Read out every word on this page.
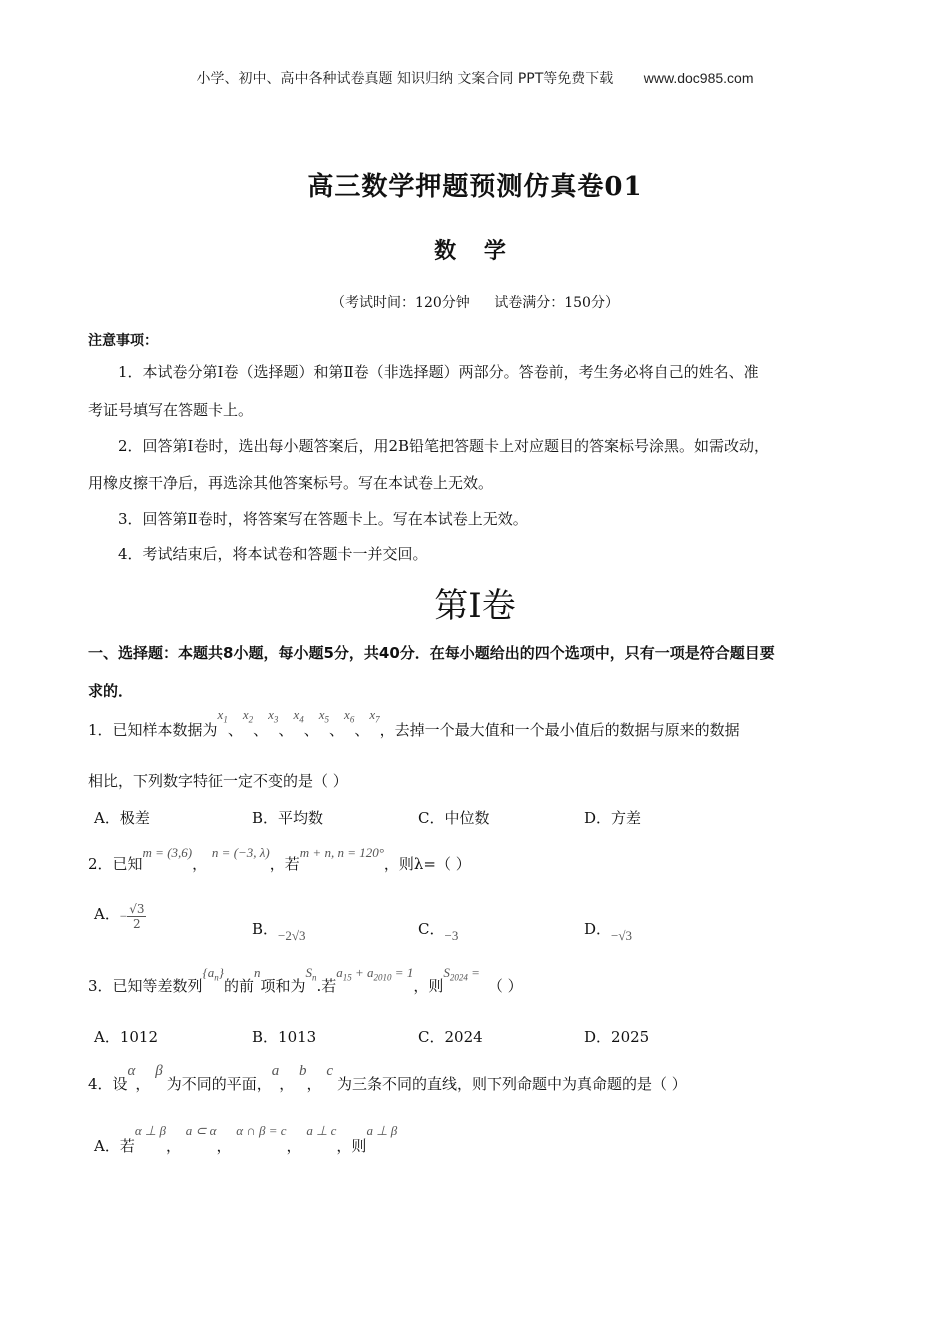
小学、初中、高中各种试卷真题 知识归纳 文案合同 PPT等免费下载 www.doc985.com
高三数学押题预测仿真卷01
数 学
（考试时间：120分钟 试卷满分：150分）
注意事项：
1．本试卷分第Ⅰ卷（选择题）和第Ⅱ卷（非选择题）两部分。答卷前，考生务必将自己的姓名、准
考证号填写在答题卡上。
2．回答第Ⅰ卷时，选出每小题答案后，用2B铅笔把答题卡上对应题目的答案标号涂黑。如需改动，
用橡皮擦干净后，再选涂其他答案标号。写在本试卷上无效。
3．回答第Ⅱ卷时，将答案写在答题卡上。写在本试卷上无效。
4．考试结束后，将本试卷和答题卡一并交回。
第Ⅰ卷
一、选择题：本题共8小题，每小题5分，共40分．在每小题给出的四个选项中，只有一项是符合题目要
求的．
1．已知样本数据为$x_1$、$x_2$、$x_3$、$x_4$、$x_5$、$x_6$、$x_7$，去掉一个最大值和一个最小值后的数据与原来的数据
相比，下列数字特征一定不变的是（ ）
A．极差	B．平均数	C．中位数	D．方差
2．已知m = (3,6)， n = (−3, λ)，若m + n, n = 120°，则λ=（ ）
A．− $\frac{√3}{2}$	B．−2√3	C．−3	D．−√3
3．已知等差数列$\{a_n\}$的前n项和为$S_n$.若$a_{15} + a_{2010} = 1$，则$S_{2024}$ =（ ）
A．1012	B．1013	C．2024	D．2025
4．设α， β为不同的平面，a， b， c为三条不同的直线，则下列命题中为真命题的是（ ）
A．若α ⊥ β， a ⊂ α， α ∩ β = c， a ⊥ c，则a ⊥ β
